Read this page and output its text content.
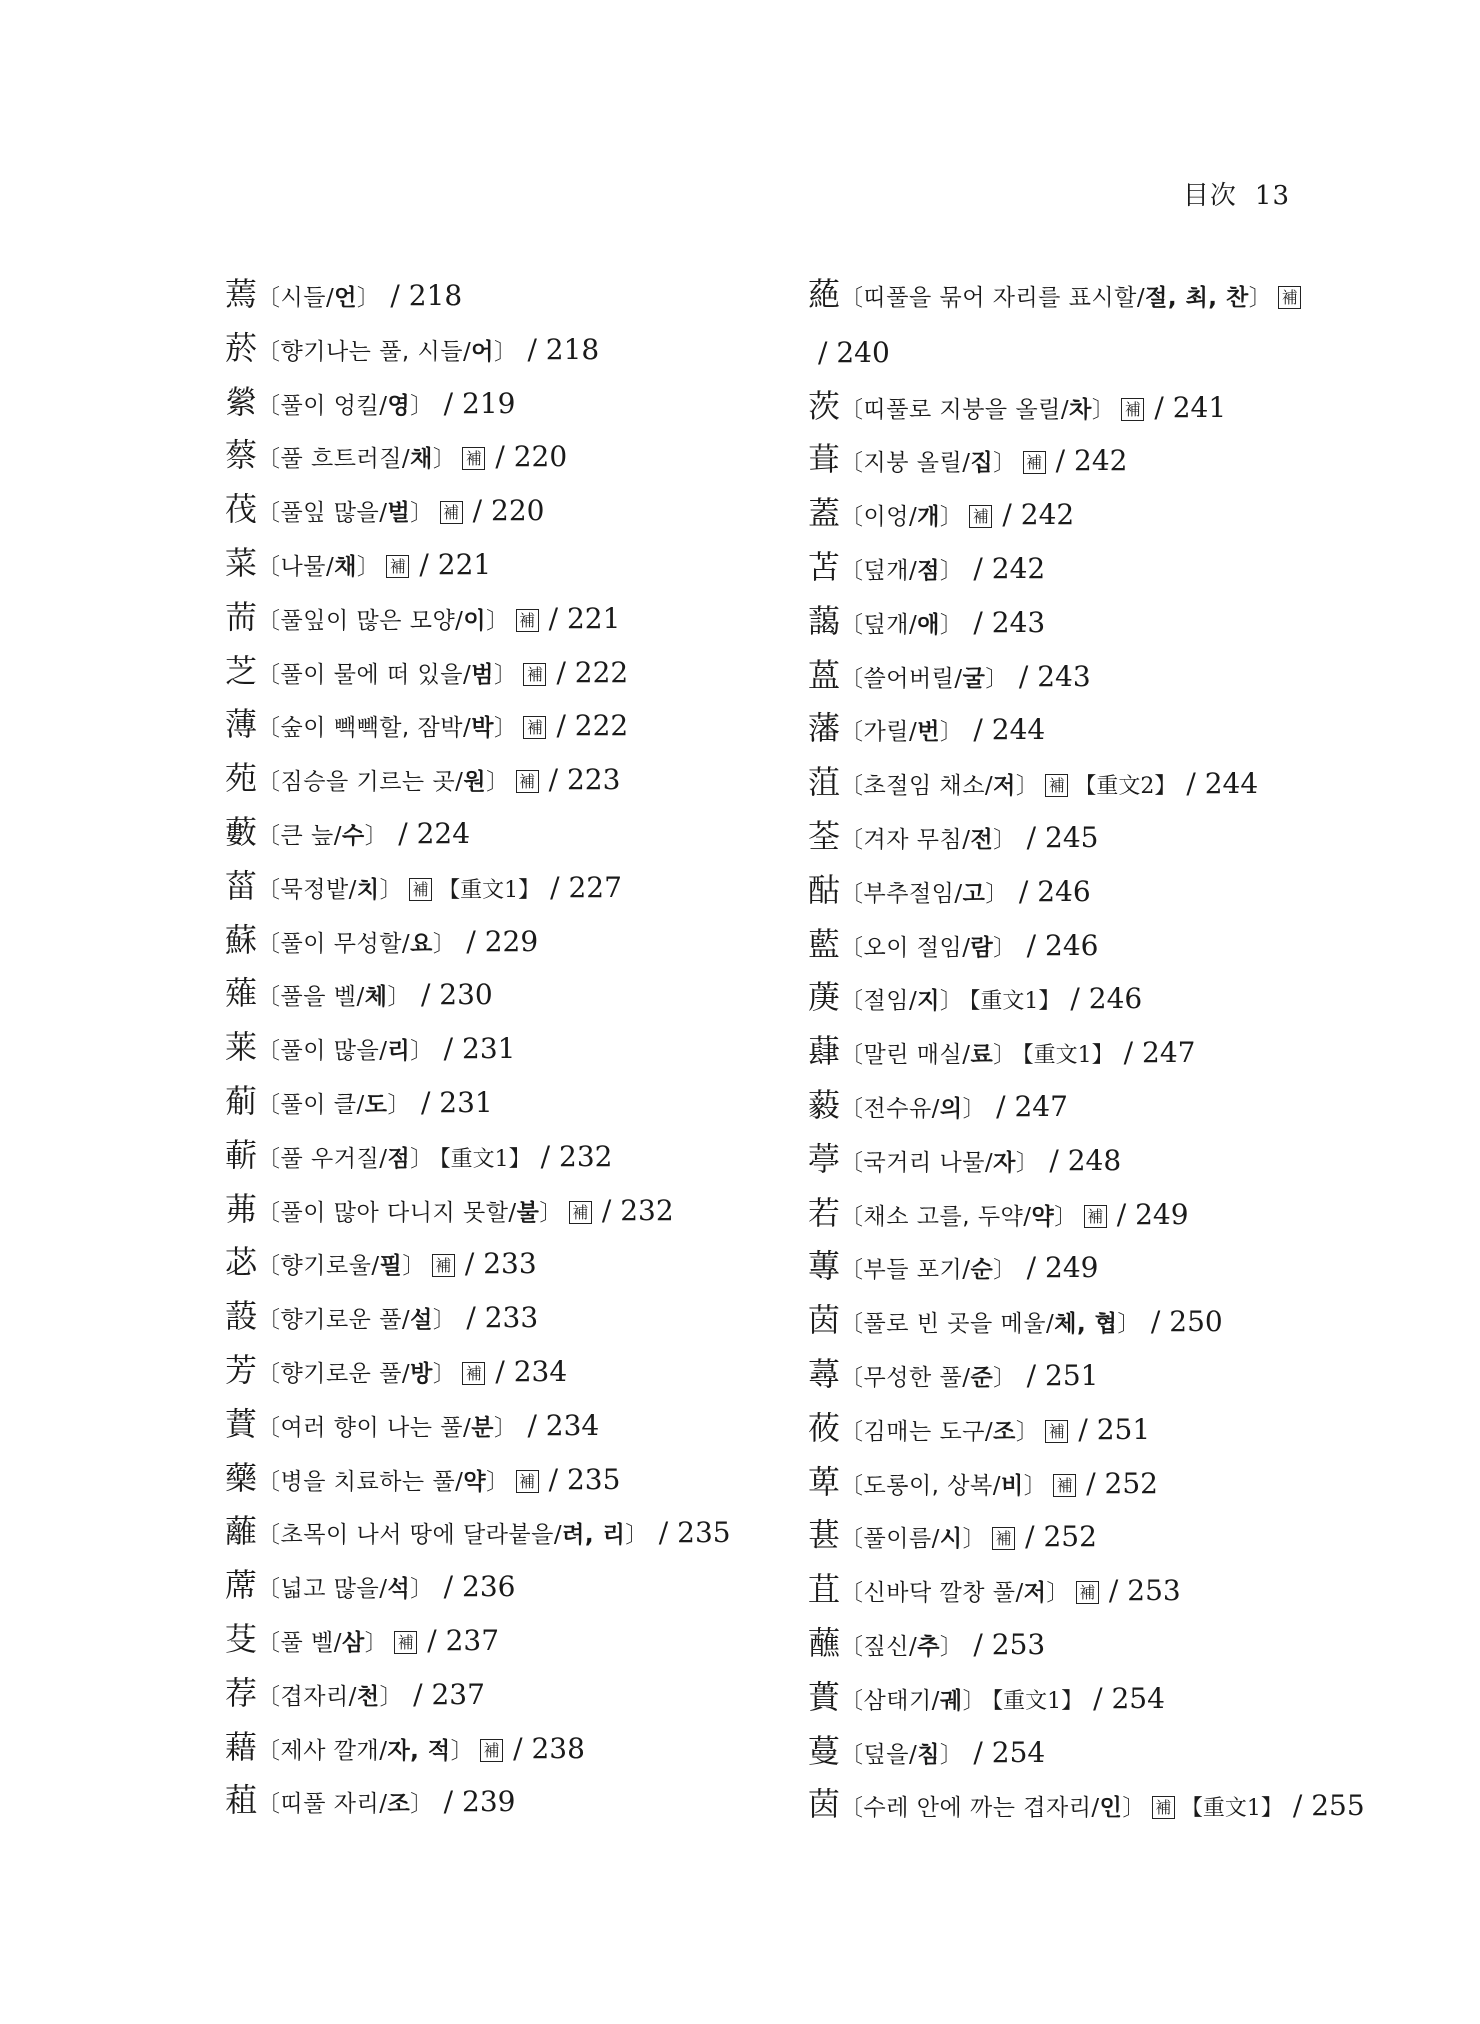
目次 13
蔫〔시들/언〕 / 218
菸〔향기나는 풀, 시들/어〕 / 218
縈〔풀이 엉킬/영〕 / 219
蔡〔풀 흐트러질/채〕 補 / 220
茷〔풀잎 많을/벌〕 補 / 220
菜〔나물/채〕 補 / 221
荋〔풀잎이 많은 모양/이〕 補 / 221
芝〔풀이 물에 떠 있을/범〕 補 / 222
薄〔숲이 빽빽할, 잠박/박〕 補 / 222
苑〔짐승을 기르는 곳/원〕 補 / 223
藪〔큰 늪/수〕 / 224
菑〔묵정밭/치〕 補 【重文1】 / 227
蘇〔풀이 무성할/요〕 / 229
薙〔풀을 벨/체〕 / 230
莱〔풀이 많을/리〕 / 231
葪〔풀이 클/도〕 / 231
蔪〔풀 우거질/점〕 【重文1】 / 232
茀〔풀이 많아 다니지 못할/불〕 補 / 232
苾〔향기로울/필〕 補 / 233
蔎〔향기로운 풀/설〕 / 233
芳〔향기로운 풀/방〕 補 / 234
蕡〔여러 향이 나는 풀/분〕 / 234
藥〔병을 치료하는 풀/약〕 補 / 235
蘺〔초목이 나서 땅에 달라붙을/려, 리〕 / 235
蓆〔넓고 많을/석〕 / 236
芟〔풀 벨/삼〕 補 / 237
荐〔겹자리/천〕 / 237
藉〔제사 깔개/자, 적〕 補 / 238
蒩〔띠풀 자리/조〕 / 239
蕝〔띠풀을 묶어 자리를 표시할/절, 최, 찬〕 補/ 240
茨〔띠풀로 지붕을 올릴/차〕 補 / 241
葺〔지붕 올릴/집〕 補 / 242
蓋〔이엉/개〕 補 / 242
苫〔덮개/점〕 / 242
藹〔덮개/애〕 / 243
蒕〔쓸어버릴/굴〕 / 243
藩〔가릴/번〕 / 244
菹〔초절임 채소/저〕 補 【重文2】 / 244
荃〔겨자 무침/전〕 / 245
酤〔부추절임/고〕 / 246
藍〔오이 절임/람〕 / 246
菮〔절임/지〕 【重文1】 / 246
蕼〔말린 매실/료〕 【重文1】 / 247
藙〔전수유/의〕 / 247
葶〔국거리 나물/자〕 / 248
若〔채소 고를, 두약/약〕 補 / 249
蓴〔부들 포기/순〕 / 249
茵〔풀로 빈 곳을 메울/체, 협〕 / 250
蕁〔무성한 풀/준〕 / 251
莜〔김매는 도구/조〕 補 / 251
萆〔도롱이, 상복/비〕 補 / 252
葚〔풀이름/시〕 補 / 252
苴〔신바닥 깔창 풀/저〕 補 / 253
蘸〔짚신/추〕 / 253
蕢〔삼태기/궤〕 【重文1】 / 254
蔓〔덮을/침〕 / 254
茵〔수레 안에 까는 겹자리/인〕 補 【重文1】 / 255
